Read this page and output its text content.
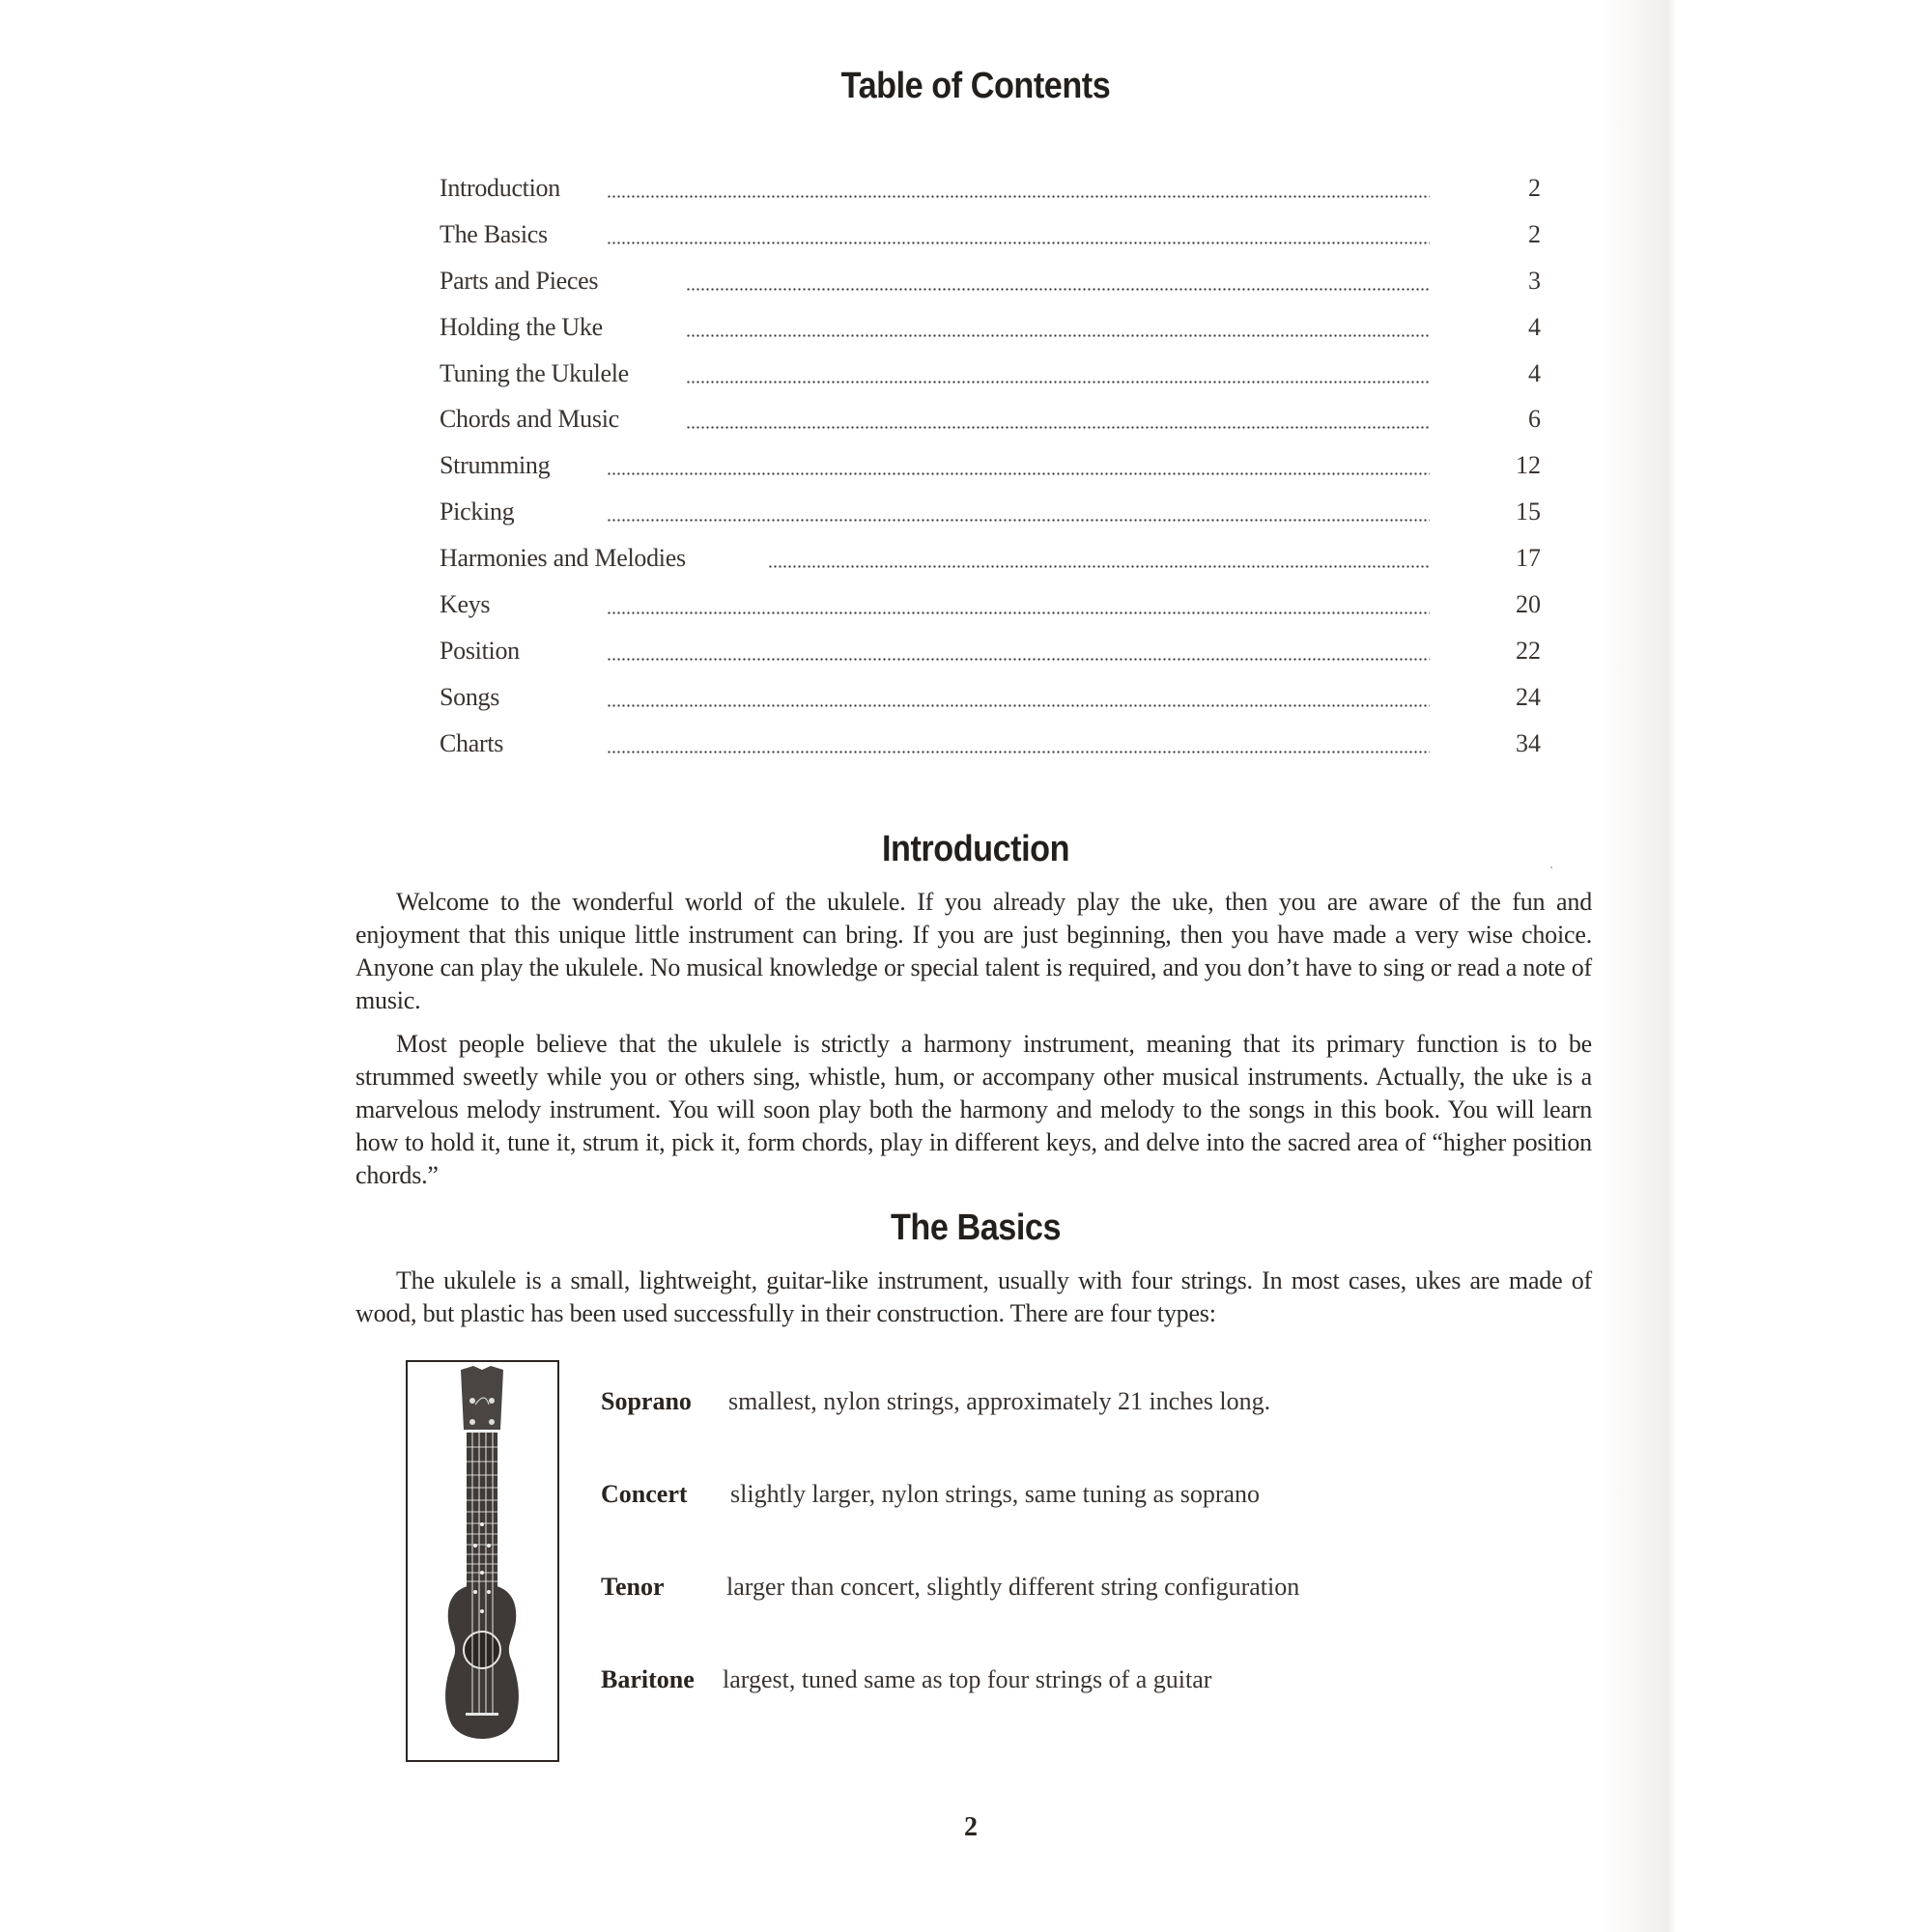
Table of Contents
Introduction	2
The Basics	2
Parts and Pieces	3
Holding the Uke	4
Tuning the Ukulele	4
Chords and Music	6
Strumming	12
Picking	15
Harmonies and Melodies	17
Keys	20
Position	22
Songs	24
Charts	34
Introduction

Welcome to the wonderful world of the ukulele. If you already play the uke, then you are aware of the fun and enjoyment that this unique little instrument can bring. If you are just beginning, then you have made a very wise choice. Anyone can play the ukulele. No musical knowledge or special talent is required, and you don’t have to sing or read a note of music.

Most people believe that the ukulele is strictly a harmony instrument, meaning that its primary function is to be strummed sweetly while you or others sing, whistle, hum, or accompany other musical instruments. Actually, the uke is a marvelous melody instrument. You will soon play both the harmony and melody to the songs in this book. You will learn how to hold it, tune it, strum it, pick it, form chords, play in different keys, and delve into the sacred area of “higher position chords.”

The Basics

The ukulele is a small, lightweight, guitar-like instrument, usually with four strings. In most cases, ukes are made of wood, but plastic has been used successfully in their construction. There are four types:

Soprano smallest, nylon strings, approximately 21 inches long.
Concert slightly larger, nylon strings, same tuning as soprano
Tenor larger than concert, slightly different string configuration
Baritone largest, tuned same as top four strings of a guitar
2
